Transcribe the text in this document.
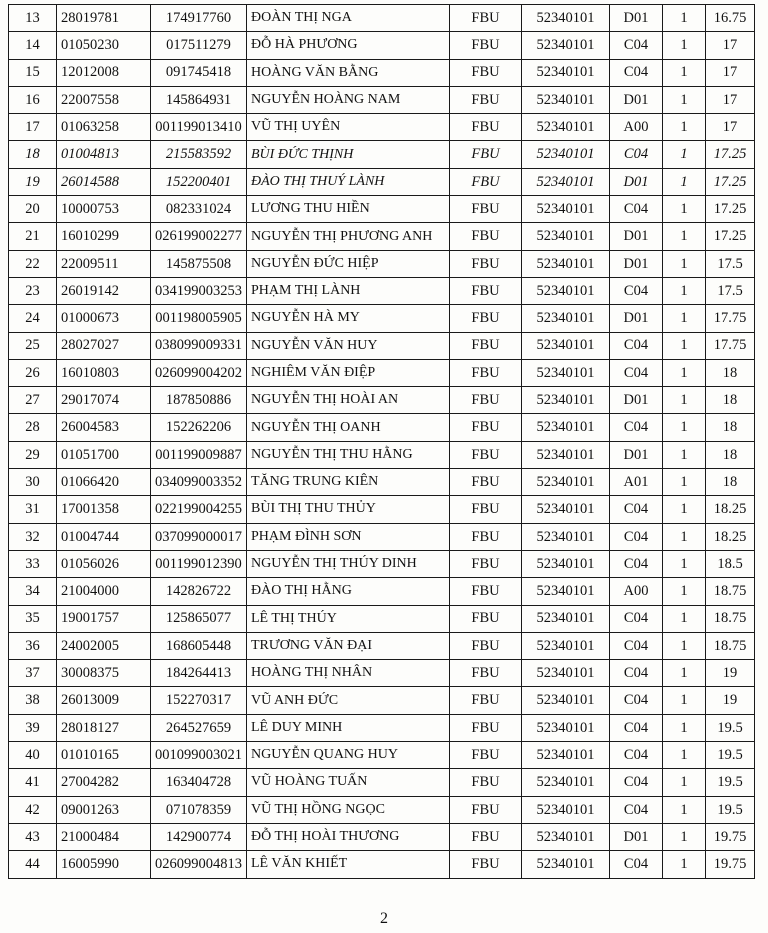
13	28019781	174917760	ĐOÀN THỊ NGA	FBU	52340101	D01	1	16.75
14	01050230	017511279	ĐỖ HÀ PHƯƠNG	FBU	52340101	C04	1	17
15	12012008	091745418	HOÀNG VĂN BẰNG	FBU	52340101	C04	1	17
16	22007558	145864931	NGUYỄN HOÀNG NAM	FBU	52340101	D01	1	17
17	01063258	001199013410	VŨ THỊ UYÊN	FBU	52340101	A00	1	17
18	01004813	215583592	BÙI ĐỨC THỊNH	FBU	52340101	C04	1	17.25
19	26014588	152200401	ĐÀO THỊ THUÝ LÀNH	FBU	52340101	D01	1	17.25
20	10000753	082331024	LƯƠNG THU HIỀN	FBU	52340101	C04	1	17.25
21	16010299	026199002277	NGUYỄN THỊ PHƯƠNG ANH	FBU	52340101	D01	1	17.25
22	22009511	145875508	NGUYỄN ĐỨC HIỆP	FBU	52340101	D01	1	17.5
23	26019142	034199003253	PHẠM THỊ LÀNH	FBU	52340101	C04	1	17.5
24	01000673	001198005905	NGUYỄN HÀ MY	FBU	52340101	D01	1	17.75
25	28027027	038099009331	NGUYỄN VĂN HUY	FBU	52340101	C04	1	17.75
26	16010803	026099004202	NGHIÊM VĂN ĐIỆP	FBU	52340101	C04	1	18
27	29017074	187850886	NGUYỄN THỊ HOÀI AN	FBU	52340101	D01	1	18
28	26004583	152262206	NGUYỄN THỊ OANH	FBU	52340101	C04	1	18
29	01051700	001199009887	NGUYỄN THỊ THU HẰNG	FBU	52340101	D01	1	18
30	01066420	034099003352	TĂNG TRUNG KIÊN	FBU	52340101	A01	1	18
31	17001358	022199004255	BÙI THỊ THU THỦY	FBU	52340101	C04	1	18.25
32	01004744	037099000017	PHẠM ĐÌNH SƠN	FBU	52340101	C04	1	18.25
33	01056026	001199012390	NGUYỄN THỊ THÚY DINH	FBU	52340101	C04	1	18.5
34	21004000	142826722	ĐÀO THỊ HẰNG	FBU	52340101	A00	1	18.75
35	19001757	125865077	LÊ THỊ THÚY	FBU	52340101	C04	1	18.75
36	24002005	168605448	TRƯƠNG VĂN ĐẠI	FBU	52340101	C04	1	18.75
37	30008375	184264413	HOÀNG THỊ NHÂN	FBU	52340101	C04	1	19
38	26013009	152270317	VŨ ANH ĐỨC	FBU	52340101	C04	1	19
39	28018127	264527659	LÊ DUY MINH	FBU	52340101	C04	1	19.5
40	01010165	001099003021	NGUYỄN QUANG HUY	FBU	52340101	C04	1	19.5
41	27004282	163404728	VŨ HOÀNG TUẤN	FBU	52340101	C04	1	19.5
42	09001263	071078359	VŨ THỊ HỒNG NGỌC	FBU	52340101	C04	1	19.5
43	21000484	142900774	ĐỖ THỊ HOÀI THƯƠNG	FBU	52340101	D01	1	19.75
44	16005990	026099004813	LÊ VĂN KHIẾT	FBU	52340101	C04	1	19.75
2
